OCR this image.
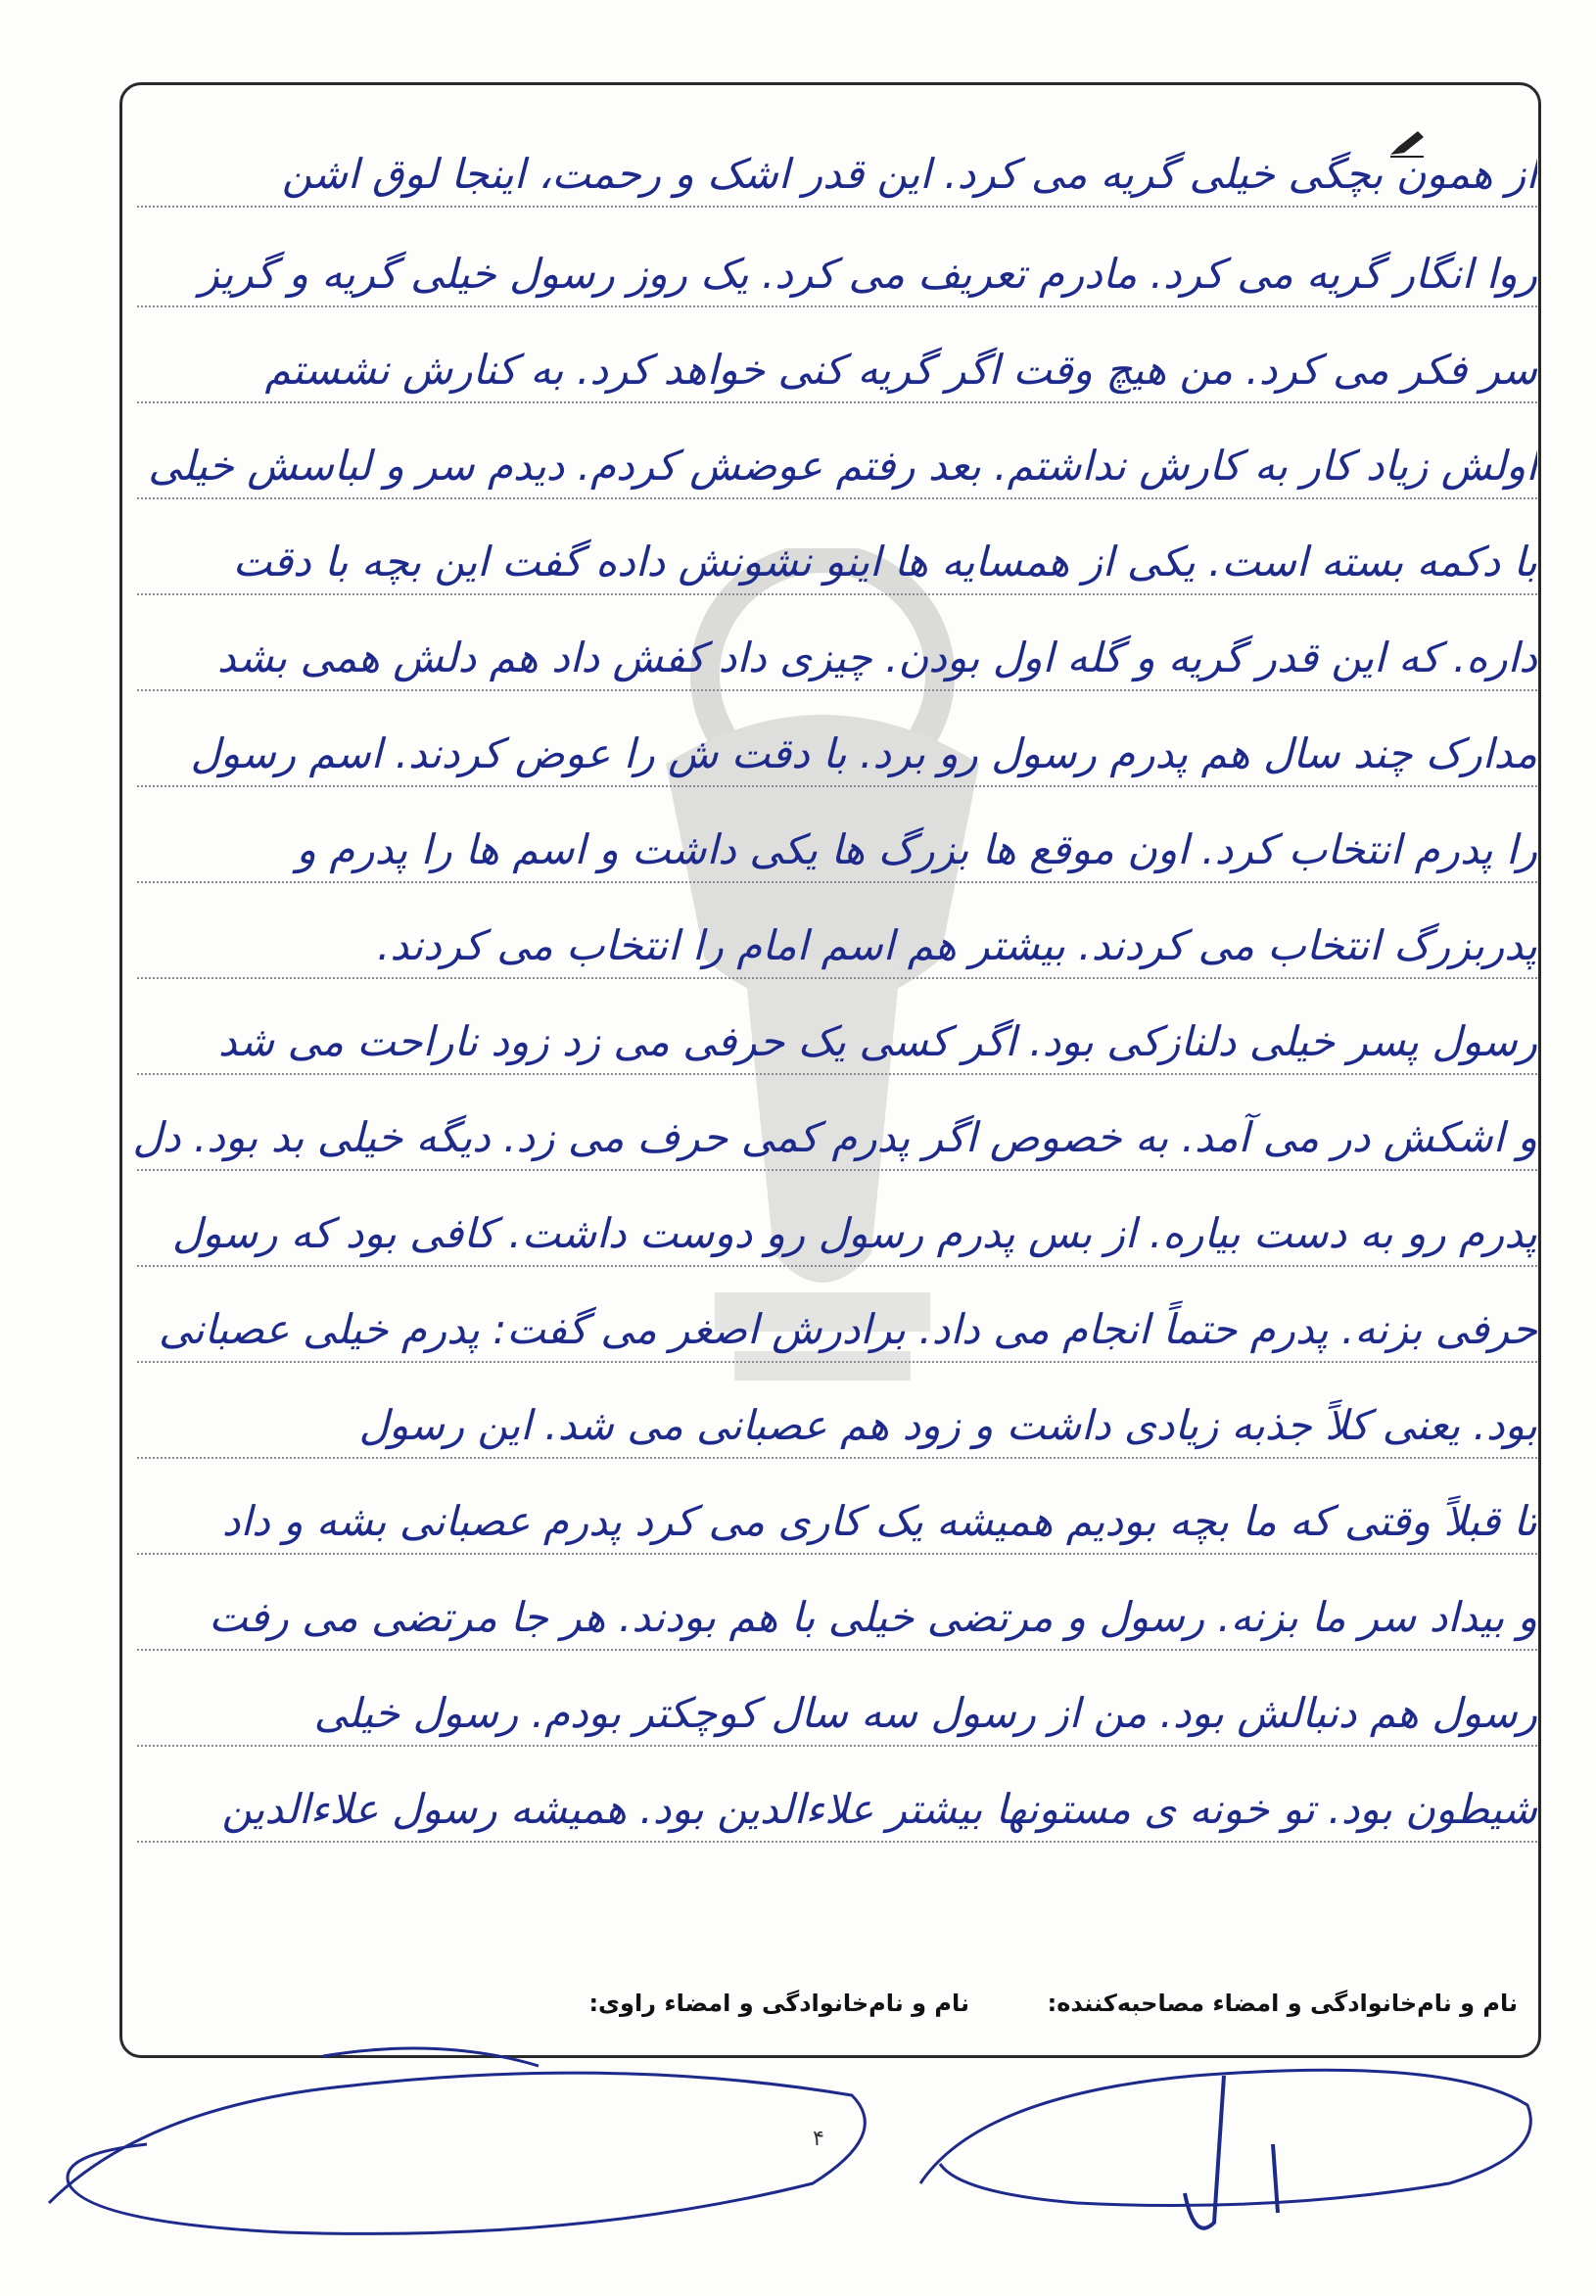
از همون بچگی خیلی گریه می کرد. این قدر اشک و رحمت، اینجا لوق اشن
روا انگار گریه می کرد. مادرم تعریف می کرد. یک روز رسول خیلی گریه و گریز
سر فکر می کرد. من هیچ وقت اگر گریه کنی خواهد کرد. به کنارش نشستم
اولش زیاد کار به کارش نداشتم. بعد رفتم عوضش کردم. دیدم سر و لباسش خیلی
با دکمه بسته است. یکی از همسایه ها اینو نشونش داده گفت این بچه با دقت
داره. که این قدر گریه و گله اول بودن. چیزی داد کفش داد هم دلش همی بشد
مدارک چند سال هم پدرم رسول رو برد. با دقت ش را عوض کردند. اسم رسول
را پدرم انتخاب کرد. اون موقع ها بزرگ ها یکی داشت و اسم ها را پدرم و
پدربزرگ انتخاب می کردند. بیشتر هم اسم امام را انتخاب می کردند.
رسول پسر خیلی دلنازکی بود. اگر کسی یک حرفی می زد زود ناراحت می شد
و اشکش در می آمد. به خصوص اگر پدرم کمی حرف می زد. دیگه خیلی بد بود. دل
پدرم رو به دست بیاره. از بس پدرم رسول رو دوست داشت. کافی بود که رسول
حرفی بزنه. پدرم حتماً انجام می داد. برادرش اصغر می گفت: پدرم خیلی عصبانی
بود. یعنی کلاً جذبه زیادی داشت و زود هم عصبانی می شد. این رسول
تا قبلاً وقتی که ما بچه بودیم همیشه یک کاری می کرد پدرم عصبانی بشه و داد
و بیداد سر ما بزنه. رسول و مرتضی خیلی با هم بودند. هر جا مرتضی می رفت
رسول هم دنبالش بود. من از رسول سه سال کوچکتر بودم. رسول خیلی
شیطون بود. تو خونه ی مستونها بیشتر علاءالدین بود. همیشه رسول علاءالدین
نام و نام‌خانوادگی و امضاء مصاحبه‌کننده:
نام و نام‌خانوادگی و امضاء راوی:
۴
